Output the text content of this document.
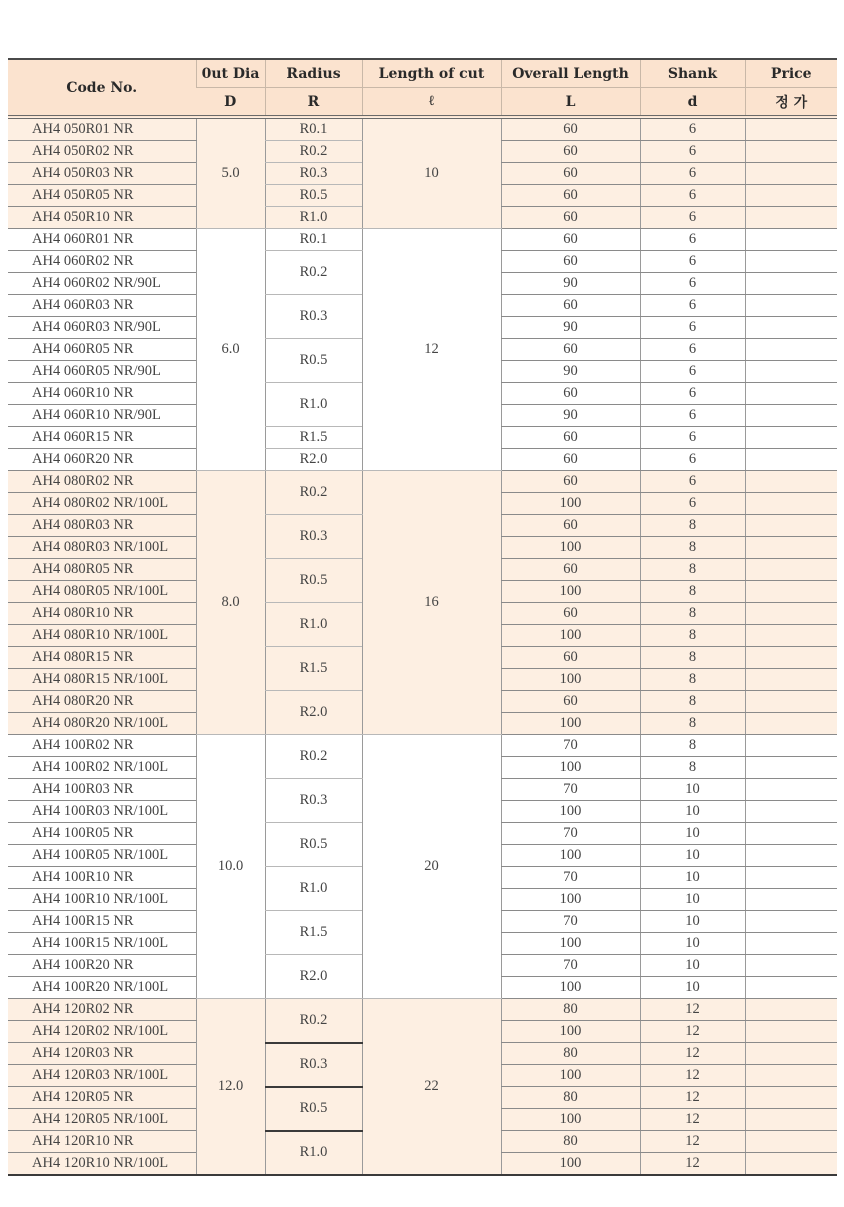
Code No.	0ut Dia	Radius	Length of cut	Overall Length	Shank	Price
	D	R	ℓ	L	d	정 가
AH4 050R01 NR	5.0	R0.1	10	60	6	
AH4 050R02 NR		R0.2		60	6	
AH4 050R03 NR		R0.3		60	6	
AH4 050R05 NR		R0.5		60	6	
AH4 050R10 NR		R1.0		60	6	
AH4 060R01 NR	6.0	R0.1	12	60	6	
AH4 060R02 NR		R0.2		60	6	
AH4 060R02 NR/90L				90	6	
AH4 060R03 NR		R0.3		60	6	
AH4 060R03 NR/90L				90	6	
AH4 060R05 NR		R0.5		60	6	
AH4 060R05 NR/90L				90	6	
AH4 060R10 NR		R1.0		60	6	
AH4 060R10 NR/90L				90	6	
AH4 060R15 NR		R1.5		60	6	
AH4 060R20 NR		R2.0		60	6	
AH4 080R02 NR	8.0	R0.2	16	60	6	
AH4 080R02 NR/100L				100	6	
AH4 080R03 NR		R0.3		60	8	
AH4 080R03 NR/100L				100	8	
AH4 080R05 NR		R0.5		60	8	
AH4 080R05 NR/100L				100	8	
AH4 080R10 NR		R1.0		60	8	
AH4 080R10 NR/100L				100	8	
AH4 080R15 NR		R1.5		60	8	
AH4 080R15 NR/100L				100	8	
AH4 080R20 NR		R2.0		60	8	
AH4 080R20 NR/100L				100	8	
AH4 100R02 NR	10.0	R0.2	20	70	8	
AH4 100R02 NR/100L				100	8	
AH4 100R03 NR		R0.3		70	10	
AH4 100R03 NR/100L				100	10	
AH4 100R05 NR		R0.5		70	10	
AH4 100R05 NR/100L				100	10	
AH4 100R10 NR		R1.0		70	10	
AH4 100R10 NR/100L				100	10	
AH4 100R15 NR		R1.5		70	10	
AH4 100R15 NR/100L				100	10	
AH4 100R20 NR		R2.0		70	10	
AH4 100R20 NR/100L				100	10	
AH4 120R02 NR	12.0	R0.2	22	80	12	
AH4 120R02 NR/100L				100	12	
AH4 120R03 NR		R0.3		80	12	
AH4 120R03 NR/100L				100	12	
AH4 120R05 NR		R0.5		80	12	
AH4 120R05 NR/100L				100	12	
AH4 120R10 NR		R1.0		80	12	
AH4 120R10 NR/100L				100	12	
